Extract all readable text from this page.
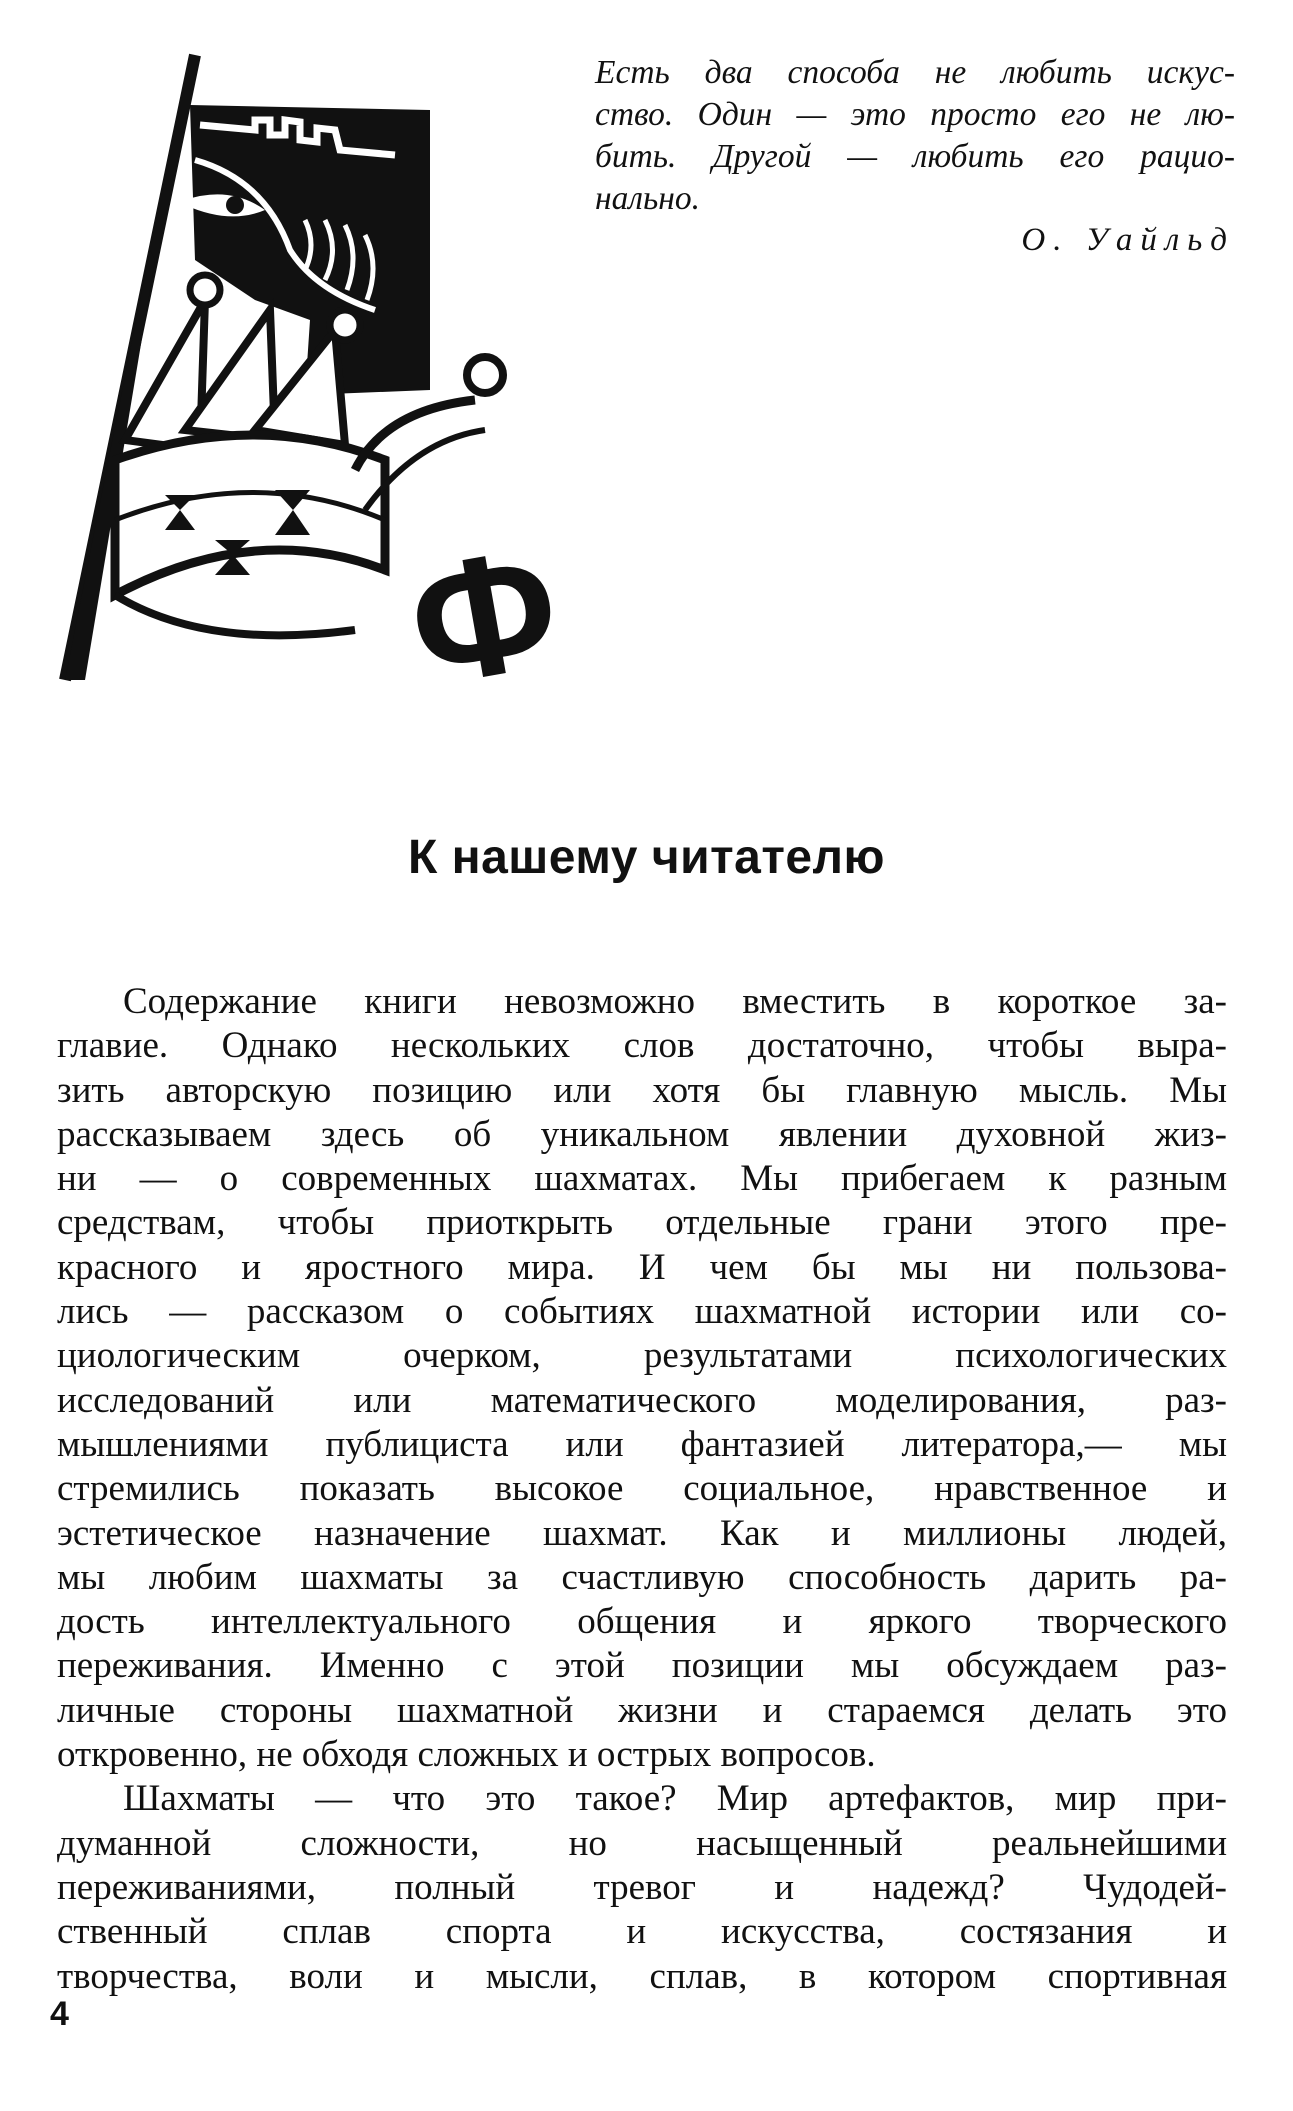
Ф
Есть два способа не любить искус-
ство. Один — это просто его не лю-
бить. Другой — любить его рацио-
нально.
О. Уайльд
К нашему читателю
Содержание книги невозможно вместить в короткое за-
главие. Однако нескольких слов достаточно, чтобы выра-
зить авторскую позицию или хотя бы главную мысль. Мы
рассказываем здесь об уникальном явлении духовной жиз-
ни — о современных шахматах. Мы прибегаем к разным
средствам, чтобы приоткрыть отдельные грани этого пре-
красного и яростного мира. И чем бы мы ни пользова-
лись — рассказом о событиях шахматной истории или со-
циологическим очерком, результатами психологических
исследований или математического моделирования, раз-
мышлениями публициста или фантазией литератора,— мы
стремились показать высокое социальное, нравственное и
эстетическое назначение шахмат. Как и миллионы людей,
мы любим шахматы за счастливую способность дарить ра-
дость интеллектуального общения и яркого творческого
переживания. Именно с этой позиции мы обсуждаем раз-
личные стороны шахматной жизни и стараемся делать это
откровенно, не обходя сложных и острых вопросов.
Шахматы — что это такое? Мир артефактов, мир при-
думанной сложности, но насыщенный реальнейшими
переживаниями, полный тревог и надежд? Чудодей-
ственный сплав спорта и искусства, состязания и
творчества, воли и мысли, сплав, в котором спортивная
4
